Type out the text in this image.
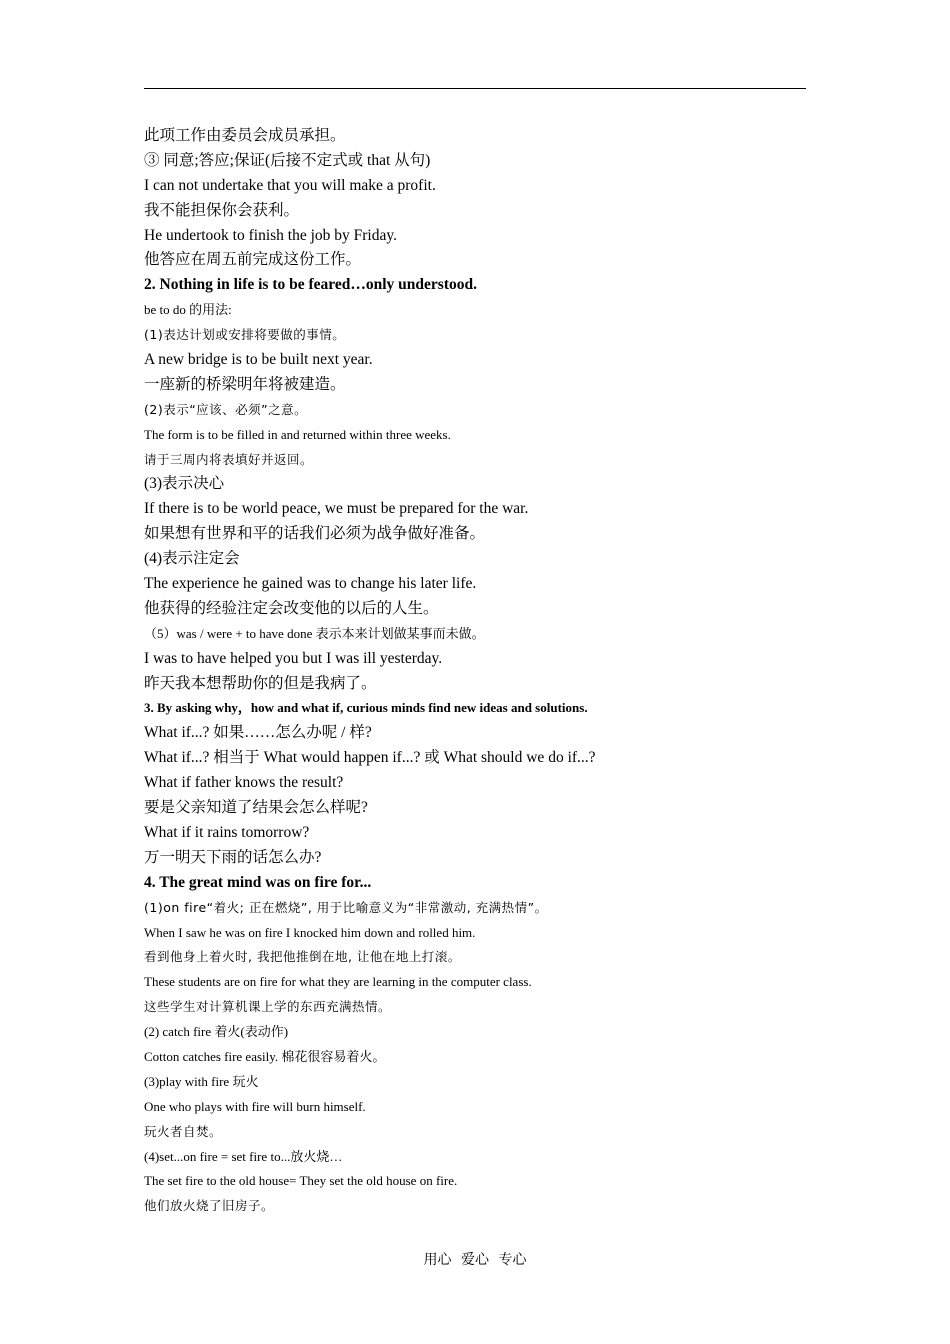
此项工作由委员会成员承担。
③ 同意;答应;保证(后接不定式或 that 从句)
I can not undertake that you will make a profit.
我不能担保你会获利。
He undertook to finish the job by Friday.
他答应在周五前完成这份工作。
2. Nothing in life is to be feared…only understood.
be to do 的用法:
(1)表达计划或安排将要做的事情。
A new bridge is to be built next year.
一座新的桥梁明年将被建造。
(2)表示“应该、必须”之意。
The form is to be filled in and returned within three weeks.
请于三周内将表填好并返回。
(3)表示决心
If there is to be world peace, we must be prepared for the war.
如果想有世界和平的话我们必须为战争做好准备。
(4)表示注定会
The experience he gained was to change his later life.
他获得的经验注定会改变他的以后的人生。
（5）was / were + to have done 表示本来计划做某事而未做。
I was to have helped you but I was ill yesterday.
昨天我本想帮助你的但是我病了。
3. By asking why，how and what if, curious minds find new ideas and solutions.
What if...? 如果……怎么办呢 / 样?
What if...? 相当于 What would happen if...? 或 What should we do if...?
What if father knows the result?
要是父亲知道了结果会怎么样呢?
What if it rains tomorrow?
万一明天下雨的话怎么办?
4. The great mind was on fire for...
(1)on fire“着火; 正在燃烧”, 用于比喻意义为“非常激动, 充满热情”。
When I saw he was on fire I knocked him down and rolled him.
看到他身上着火时, 我把他推倒在地, 让他在地上打滚。
These students are on fire for what they are learning in the computer class.
这些学生对计算机课上学的东西充满热情。
(2) catch fire 着火(表动作)
Cotton catches fire easily. 棉花很容易着火。
(3)play with fire 玩火
One who plays with fire will burn himself.
玩火者自焚。
(4)set...on fire = set fire to...放火烧…
The set fire to the old house= They set the old house on fire.
他们放火烧了旧房子。
用心 爱心 专心
